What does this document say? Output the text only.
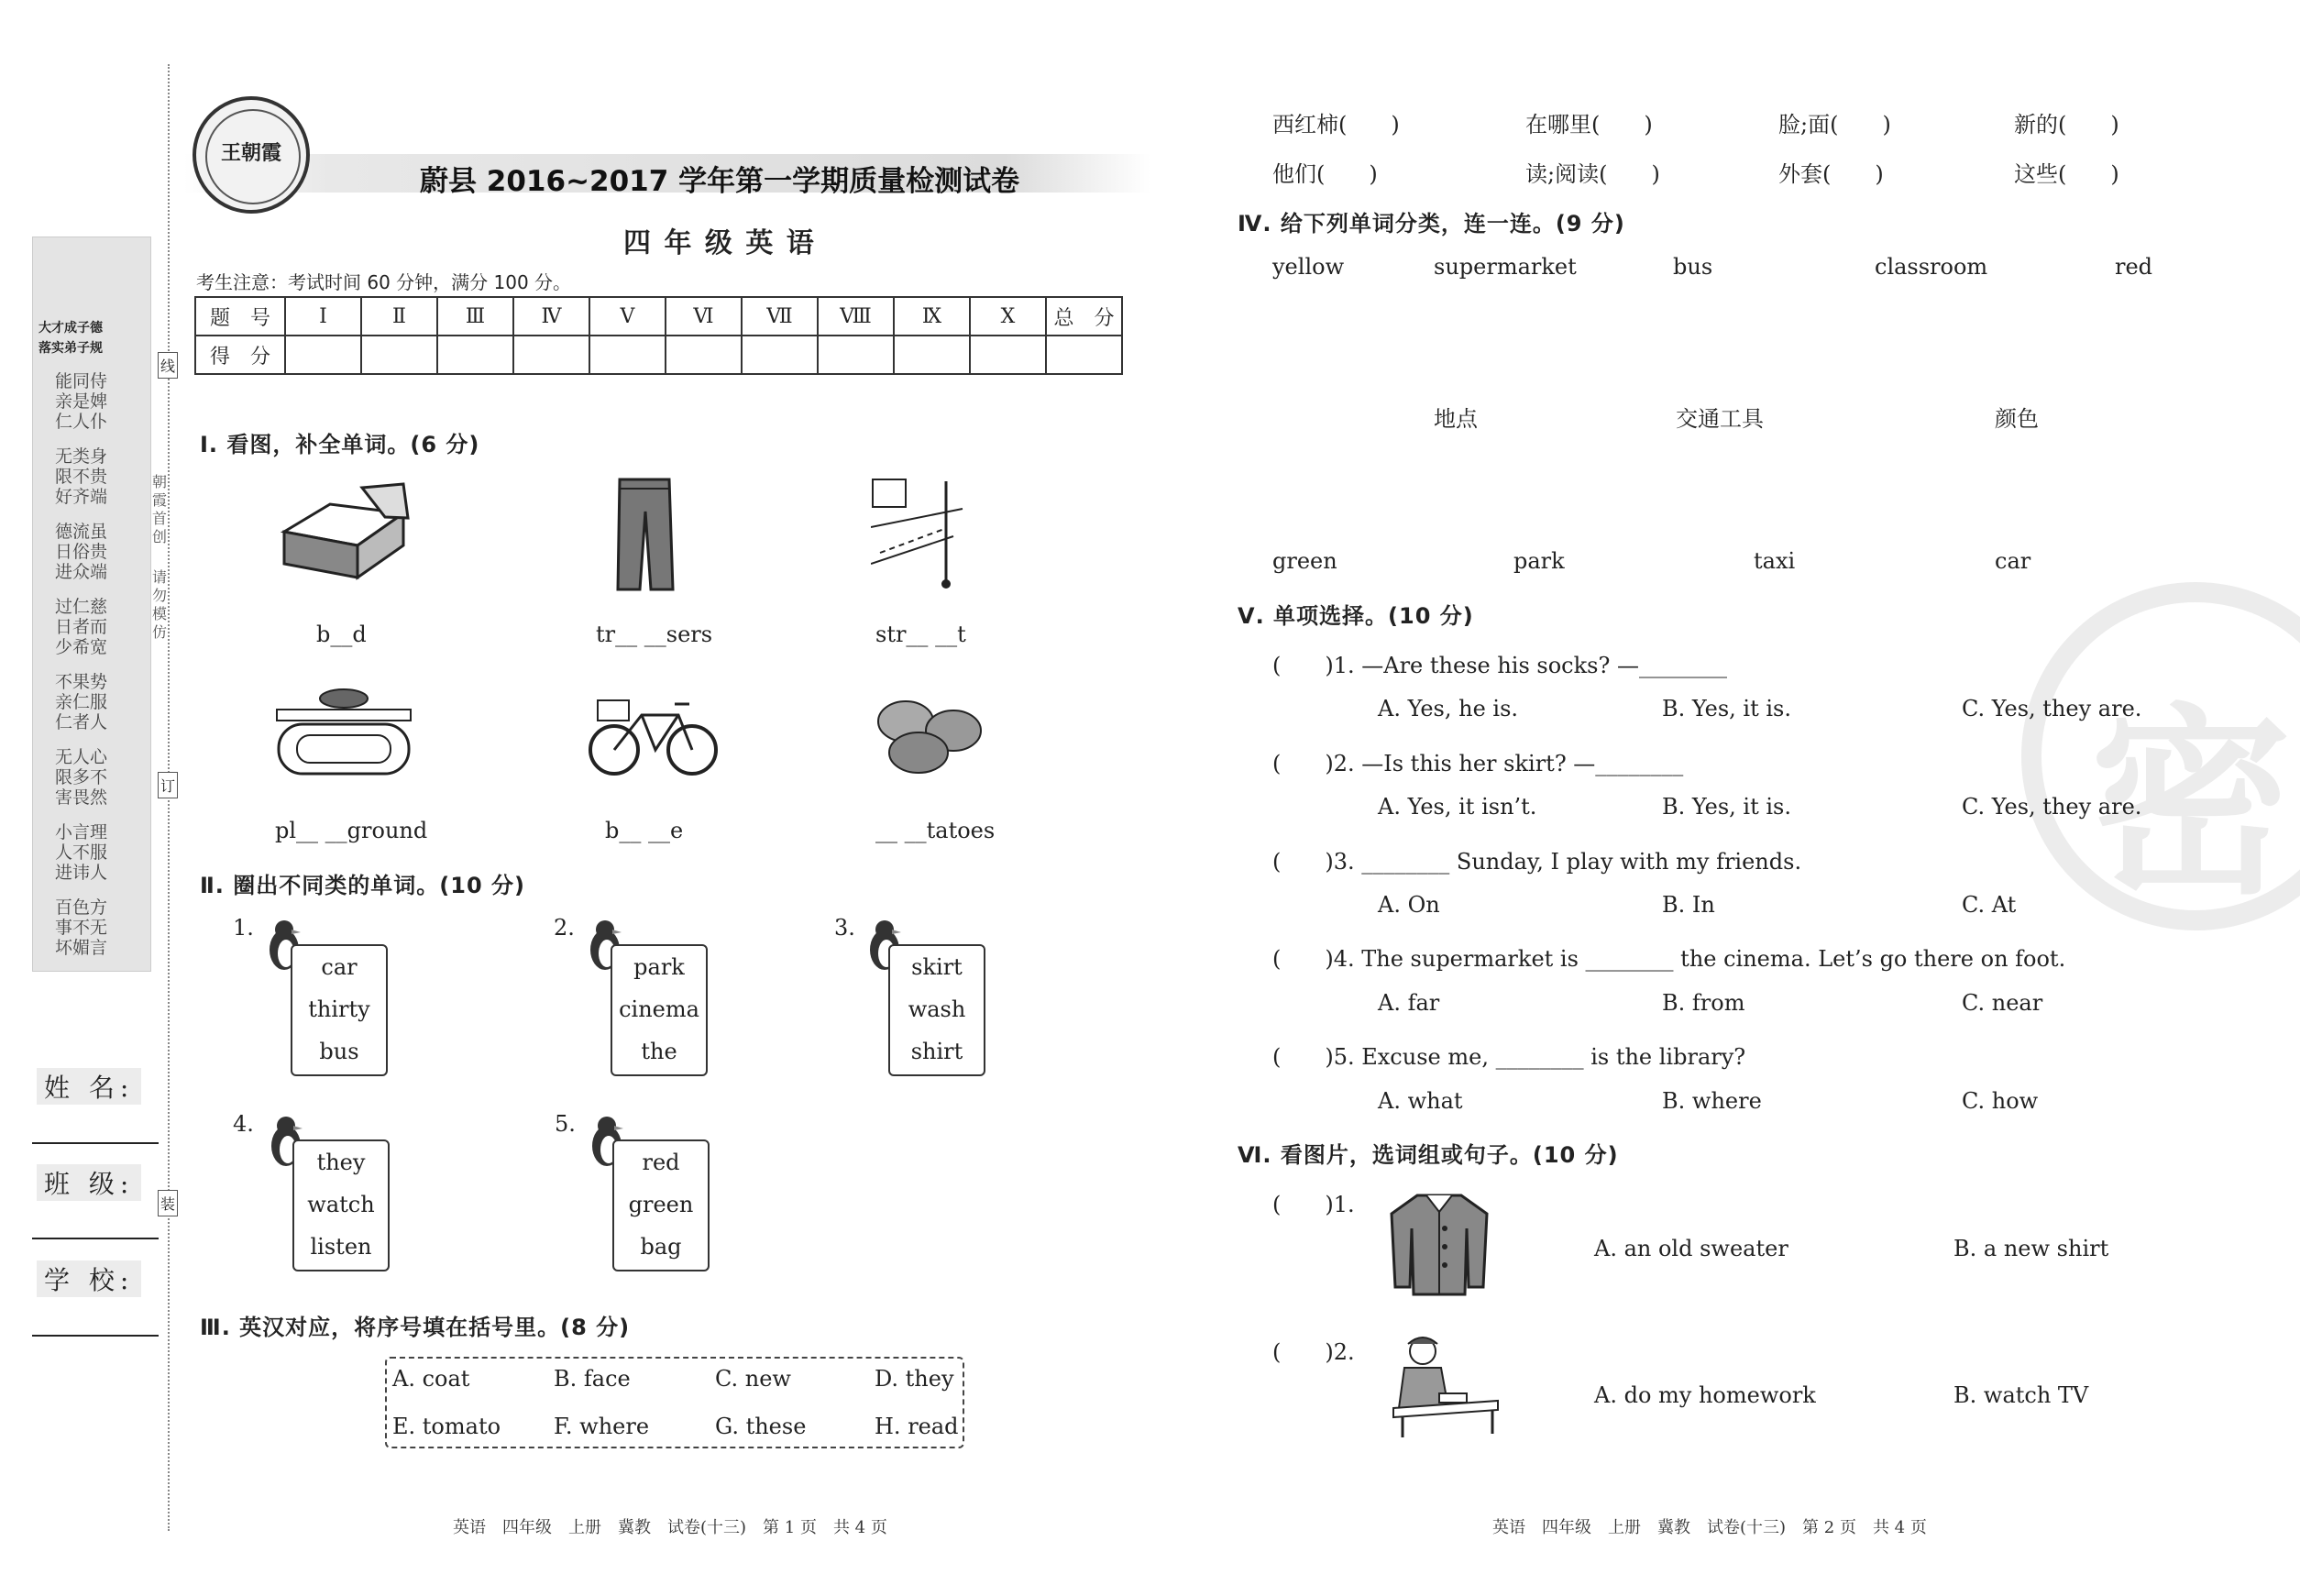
大才成子德
落实弟子规
能同侍
亲是婢
仁人仆
无类身
限不贵
好齐端
德流虽
日俗贵
进众端
过仁慈
日者而
少希宽
不果势
亲仁服
仁者人
无人心
限多不
害畏然
小言理
人不服
进讳人
百色方
事不无
坏媚言
朝
霞
首
创
请
勿
模
仿
线
订
装
姓 名:
班 级:
学 校:
王朝霞
蔚县 2016~2017 学年第一学期质量检测试卷
四 年 级 英 语
考生注意：考试时间 60 分钟，满分 100 分。
题　号	Ⅰ	Ⅱ	Ⅲ	Ⅳ	Ⅴ	Ⅵ	Ⅶ	Ⅷ	Ⅸ	Ⅹ	总　分
得　分											
Ⅰ. 看图，补全单词。(6 分)
b__d	tr__ __sers	str__ __t
pl__ __ground	b__ __e	__ __tatoes
Ⅱ. 圈出不同类的单词。(10 分)
1.
car
thirty
bus
2.
park
cinema
the
3.
skirt
wash
shirt
4.
they
watch
listen
5.
red
green
bag
Ⅲ. 英汉对应，将序号填在括号里。(8 分)
A. coat	B. face	C. new	D. they
E. tomato F. where	G. these	H. read
英语　四年级　上册　冀教　试卷(十三)　第 1 页　共 4 页
密
西红柿(　　)	在哪里(　　)	脸;面(　　)	新的(　　)
他们(　　)	读;阅读(　　)	外套(　　)	这些(　　)
Ⅳ. 给下列单词分类，连一连。(9 分)
yellow	supermarket	bus	classroom	red
地点	交通工具	颜色
green	park	taxi	car
Ⅴ. 单项选择。(10 分)
(　　)1. —Are these his socks? —________
A. Yes, he is.	B. Yes, it is.	C. Yes, they are.
(　　)2. —Is this her skirt? —________
A. Yes, it isn’t.	B. Yes, it is.	C. Yes, they are.
(　　)3. ________ Sunday, I play with my friends.
A. On	B. In	C. At
(　　)4. The supermarket is ________ the cinema. Let’s go there on foot.
A. far	B. from	C. near
(　　)5. Excuse me, ________ is the library?
A. what	B. where	C. how
Ⅵ. 看图片，选词组或句子。(10 分)
(　　)1.
A. an old sweater	B. a new shirt
(　　)2.
A. do my homework	B. watch TV
英语　四年级　上册　冀教　试卷(十三)　第 2 页　共 4 页
